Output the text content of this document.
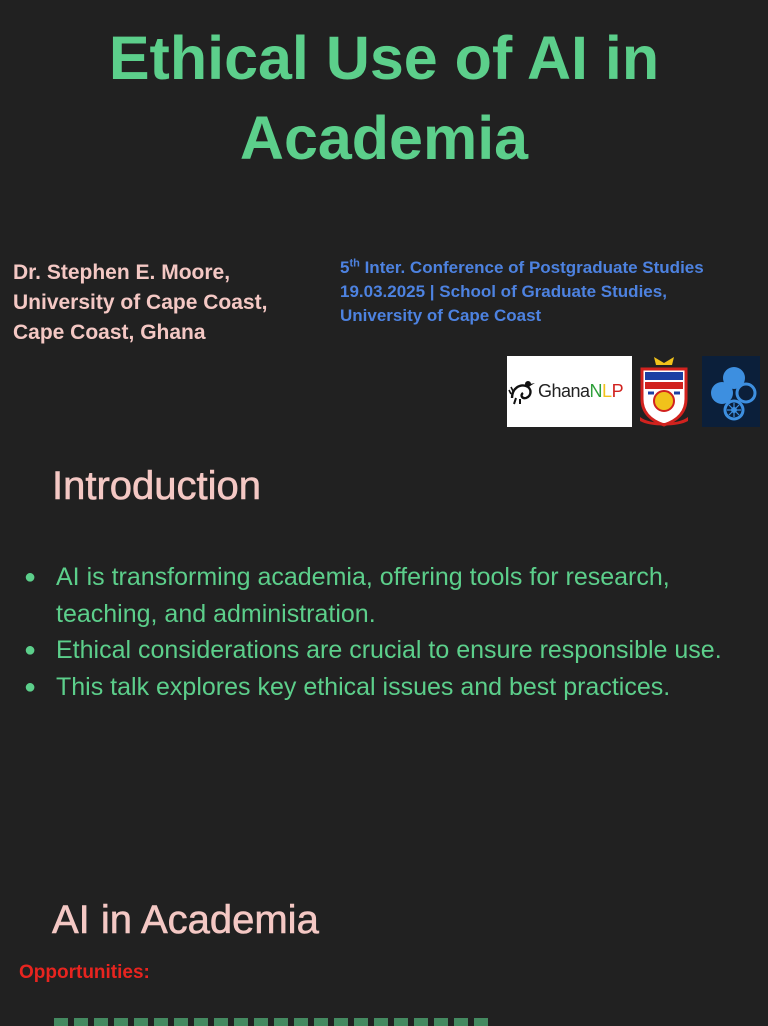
Ethical Use of AI in Academia
Dr. Stephen E. Moore,
University of Cape Coast,
Cape Coast, Ghana
5th Inter. Conference of Postgraduate Studies
19.03.2025 | School of Graduate Studies,
University of Cape Coast
GhanaNLP
Introduction
● AI is transforming academia, offering tools for research, teaching, and administration.
● Ethical considerations are crucial to ensure responsible use.
● This talk explores key ethical issues and best practices.
AI in Academia
Opportunities:
